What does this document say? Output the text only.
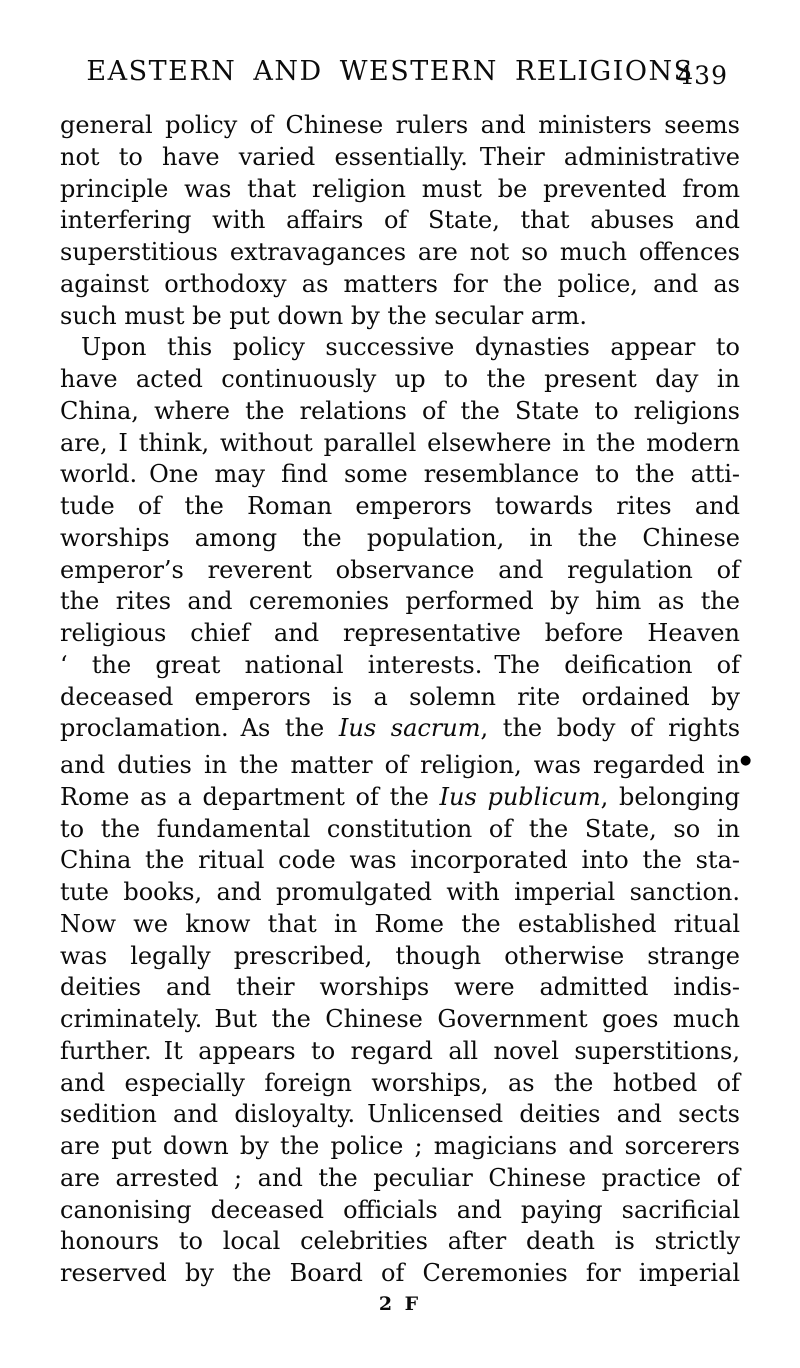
EASTERN AND WESTERN RELIGIONS
439
general policy of Chinese rulers and ministers seems
not to have varied essentially. Their administrative
principle was that religion must be prevented from
interfering with affairs of State, that abuses and
superstitious extravagances are not so much offences
against orthodoxy as matters for the police, and as
such must be put down by the secular arm.
Upon this policy successive dynasties appear to
have acted continuously up to the present day in
China, where the relations of the State to religions
are, I think, without parallel elsewhere in the modern
world. One may find some resemblance to the atti-
tude of the Roman emperors towards rites and
worships among the population, in the Chinese
emperor’s reverent observance and regulation of
the rites and ceremonies performed by him as the
religious chief and representative before Heaven
ʻ the great national interests. The deification of
deceased emperors is a solemn rite ordained by
proclamation. As the Ius sacrum, the body of rights
and duties in the matter of religion, was regarded in●
Rome as a department of the Ius publicum, belonging
to the fundamental constitution of the State, so in
China the ritual code was incorporated into the sta-
tute books, and promulgated with imperial sanction.
Now we know that in Rome the established ritual
was legally prescribed, though otherwise strange
deities and their worships were admitted indis-
criminately. But the Chinese Government goes much
further. It appears to regard all novel superstitions,
and especially foreign worships, as the hotbed of
sedition and disloyalty. Unlicensed deities and sects
are put down by the police ; magicians and sorcerers
are arrested ; and the peculiar Chinese practice of
canonising deceased officials and paying sacrificial
honours to local celebrities after death is strictly
reserved by the Board of Ceremonies for imperial
2 F
